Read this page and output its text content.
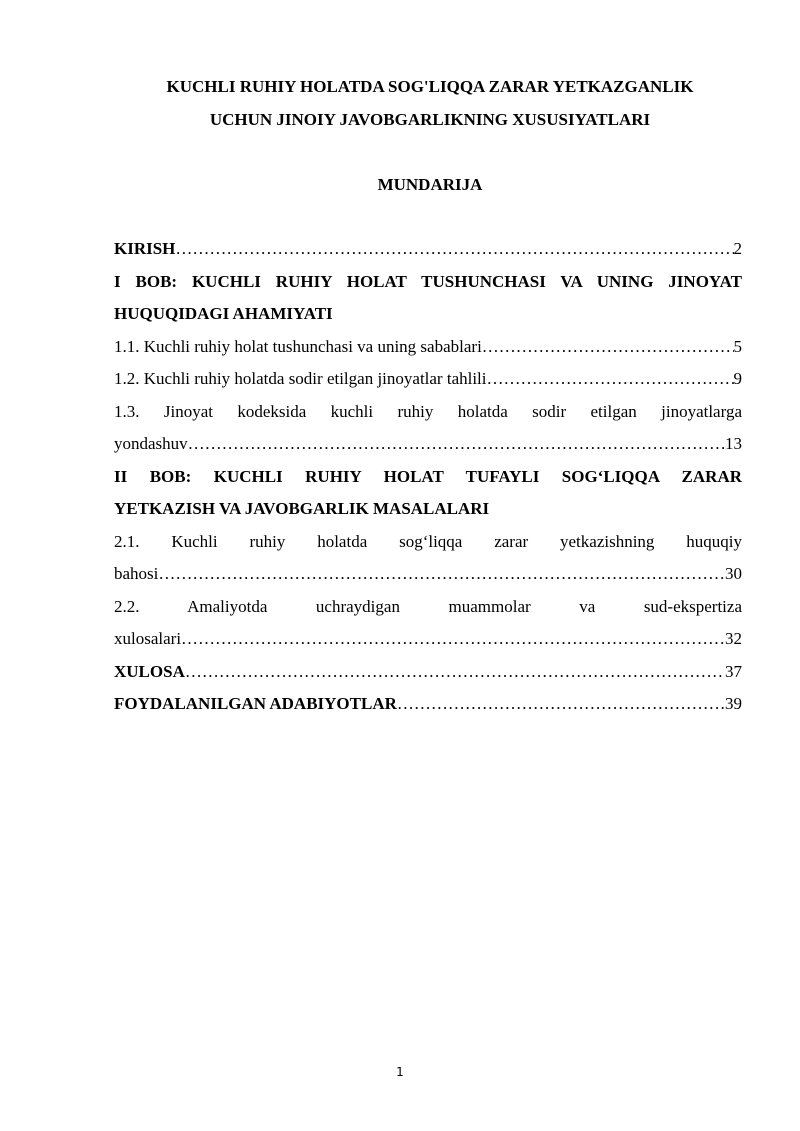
KUCHLI RUHIY HOLATDA SOG'LIQQA ZARAR YETKAZGANLIK
UCHUN JINOIY JAVOBGARLIKNING XUSUSIYATLARI
MUNDARIJA
KIRISH ………………………………………………………………………………………………………………………………………………………………………………	2
I BOB: KUCHLI RUHIY HOLAT TUSHUNCHASI VA UNING JINOYAT
HUQUQIDAGI AHAMIYATI
1.1. Kuchli ruhiy holat tushunchasi va uning sabablari ………………………………………………………………………………………………………………………………………………………………………………	5
1.2. Kuchli ruhiy holatda sodir etilgan jinoyatlar tahlili ………………………………………………………………………………………………………………………………………………………………………………	9
1.3. Jinoyat kodeksida kuchli ruhiy holatda sodir etilgan jinoyatlarga
yondashuv ………………………………………………………………………………………………………………………………………………………………………………	13
II BOB: KUCHLI RUHIY HOLAT TUFAYLI SOG‘LIQQA ZARAR
YETKAZISH VA JAVOBGARLIK MASALALARI
2.1. Kuchli ruhiy holatda sog‘liqqa zarar yetkazishning huquqiy
bahosi ………………………………………………………………………………………………………………………………………………………………………………	30
2.2. Amaliyotda uchraydigan muammolar va sud-ekspertiza
xulosalari ………………………………………………………………………………………………………………………………………………………………………………	32
XULOSA ………………………………………………………………………………………………………………………………………………………………………………	37
FOYDALANILGAN ADABIYOTLAR ………………………………………………………………………………………………………………………………………………………………………………	39
1
